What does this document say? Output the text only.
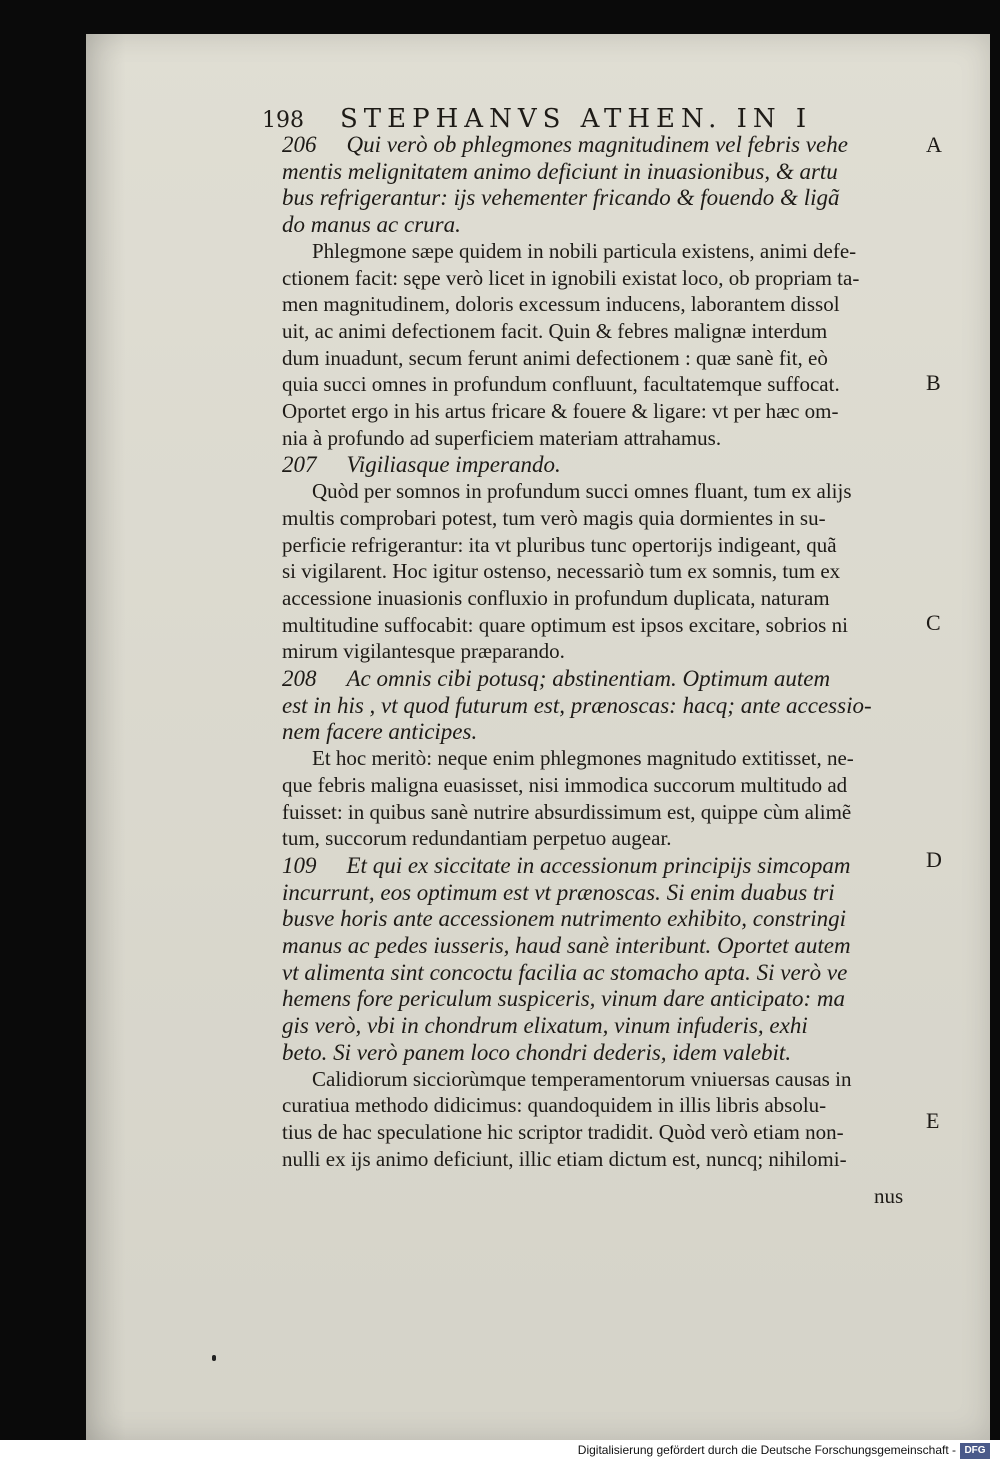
198 STEPHANVS ATHEN. IN I
206 Qui verò ob phlegmones magnitudinem vel febris vehe
mentis melignitatem animo deficiunt in inuasionibus, & artu
bus refrigerantur: ijs vehementer fricando & fouendo & ligã
do manus ac crura.
Phlegmone sæpe quidem in nobili particula existens, animi defe-
ctionem facit: sępe verò licet in ignobili existat loco, ob propriam ta-
men magnitudinem, doloris excessum inducens, laborantem dissol
uit, ac animi defectionem facit. Quin & febres malignæ interdum
dum inuadunt, secum ferunt animi defectionem : quæ sanè fit, eò
quia succi omnes in profundum confluunt, facultatemque suffocat.
Oportet ergo in his artus fricare & fouere & ligare: vt per hæc om-
nia à profundo ad superficiem materiam attrahamus.
207 Vigiliasque imperando.
Quòd per somnos in profundum succi omnes fluant, tum ex alijs
multis comprobari potest, tum verò magis quia dormientes in su-
perficie refrigerantur: ita vt pluribus tunc opertorijs indigeant, quã
si vigilarent. Hoc igitur ostenso, necessariò tum ex somnis, tum ex
accessione inuasionis confluxio in profundum duplicata, naturam
multitudine suffocabit: quare optimum est ipsos excitare, sobrios ni
mirum vigilantesque præparando.
208 Ac omnis cibi potusq; abstinentiam. Optimum autem
est in his , vt quod futurum est, prænoscas: hacq; ante accessio-
nem facere anticipes.
Et hoc meritò: neque enim phlegmones magnitudo extitisset, ne-
que febris maligna euasisset, nisi immodica succorum multitudo ad
fuisset: in quibus sanè nutrire absurdissimum est, quippe cùm alimẽ
tum, succorum redundantiam perpetuo augear.
109 Et qui ex siccitate in accessionum principijs simcopam
incurrunt, eos optimum est vt prænoscas. Si enim duabus tri
busve horis ante accessionem nutrimento exhibito, constringi
manus ac pedes iusseris, haud sanè interibunt. Oportet autem
vt alimenta sint concoctu facilia ac stomacho apta. Si verò ve
hemens fore periculum suspiceris, vinum dare anticipato: ma
gis verò, vbi in chondrum elixatum, vinum infuderis, exhi
beto. Si verò panem loco chondri dederis, idem valebit.
Calidiorum sicciorùmque temperamentorum vniuersas causas in
curatiua methodo didicimus: quandoquidem in illis libris absolu-
tius de hac speculatione hic scriptor tradidit. Quòd verò etiam non-
nulli ex ijs animo deficiunt, illic etiam dictum est, nuncq; nihilomi-
A
B
C
D
E
nus
Digitalisierung gefördert durch die Deutsche Forschungsgemeinschaft - DFG
